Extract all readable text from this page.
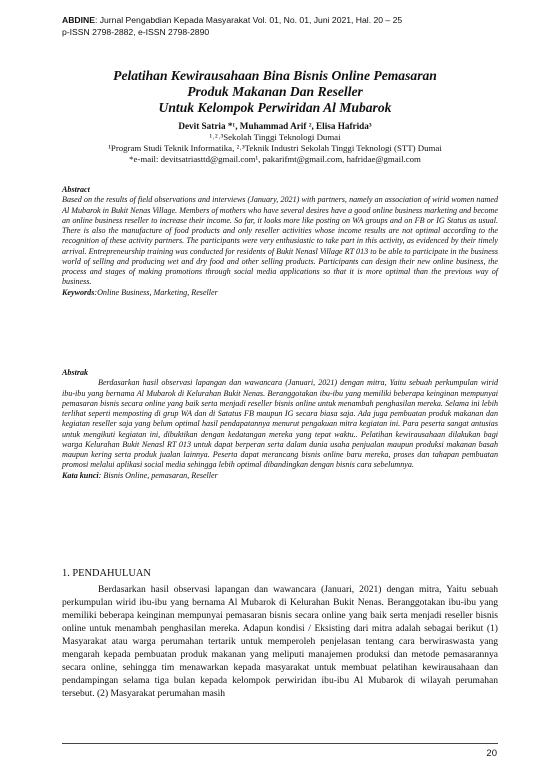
ABDINE: Jurnal Pengabdian Kepada Masyarakat Vol. 01, No. 01, Juni 2021, Hal. 20 – 25
p-ISSN 2798-2882, e-ISSN 2798-2890
Pelatihan Kewirausahaan Bina Bisnis Online Pemasaran
Produk Makanan Dan Reseller
Untuk Kelompok Perwiridan Al Mubarok
Devit Satria *¹, Muhammad Arif ², Elisa Hafrida³
¹˒²˒³Sekolah Tinggi Teknologi Dumai
¹Program Studi Teknik Informatika, ²˒³Teknik Industri Sekolah Tinggi Teknologi (STT) Dumai
*e-mail: devitsatriasttd@gmail.com¹, pakarifmt@gmail.com, hafridae@gmail.com

Abstract

Based on the results of field observations and interviews (January, 2021) with partners, namely an association of wirid women named Al Mubarok in Bukit Nenas Village. Members of mothers who have several desires have a good online business marketing and become an online business reseller to increase their income. So far, it looks more like posting on WA groups and on FB or IG Status as usual. There is also the manufacture of food products and only reseller activities whose income results are not optimal according to the recognition of these activity partners. The participants were very enthusiastic to take part in this activity, as evidenced by their timely arrival. Entrepreneurship training was conducted for residents of Bukit Nenasl Village RT 013 to be able to participate in the business world of selling and producing wet and dry food and other selling products. Participants can design their new online business, the process and stages of making promotions through social media applications so that it is more optimal than the previous way of business.

Keywords:Online Business, Marketing, Reseller

Abstrak

Berdasarkan hasil observasi lapangan dan wawancara (Januari, 2021) dengan mitra, Yaitu sebuah perkumpulan wirid ibu-ibu yang bernama Al Mubarok di Kelurahan Bukit Nenas. Beranggotakan ibu-ibu yang memiliki beberapa keinginan mempunyai pemasaran bisnis secara online yang baik serta menjadi reseller bisnis online untuk menambah penghasilan mereka. Selama ini lebih terlihat seperti memposting di grup WA dan di Satatus FB maupun IG secara biasa saja. Ada juga pembuatan produk makanan dan kegiatan reseller saja yang belum optimal hasil pendapatannya menurut pengakuan mitra kegiatan ini. Para peserta sangat antusias untuk mengikuti kegiatan ini, dibuktikan dengan kedatangan mereka yang tepat waktu.. Pelatihan kewirausahaan dilakukan bagi warga Kelurahan Bukit Nenasl RT 013 untuk dapat berperan serta dalam dunia usaha penjualan maupun produksi makanan basah maupun kering serta produk jualan lainnya. Peserta dapat merancang bisnis online baru mereka, proses dan tahapan pembuatan promosi melalui aplikasi social media sehingga lebih optimal dibandingkan dengan bisnis cara sebelumnya.

Kata kunci: Bisnis Online, pemasaran, Reseller

1. PENDAHULUAN

Berdasarkan hasil observasi lapangan dan wawancara (Januari, 2021) dengan mitra, Yaitu sebuah perkumpulan wirid ibu-ibu yang bernama Al Mubarok di Kelurahan Bukit Nenas. Beranggotakan ibu-ibu yang memiliki beberapa keinginan mempunyai pemasaran bisnis secara online yang baik serta menjadi reseller bisnis online untuk menambah penghasilan mereka. Adapun kondisi / Eksisting dari mitra adalah sebagai berikut (1) Masyarakat atau warga perumahan tertarik untuk memperoleh penjelasan tentang cara berwiraswasta yang mengarah kepada pembuatan produk makanan yang meliputi manajemen produksi dan metode pemasarannya secara online, sehingga tim menawarkan kepada masyarakat untuk membuat pelatihan kewirausahaan dan pendampingan selama tiga bulan kepada kelompok perwiridan ibu-ibu Al Mubarok di wilayah perumahan tersebut. (2) Masyarakat perumahan masih

20
